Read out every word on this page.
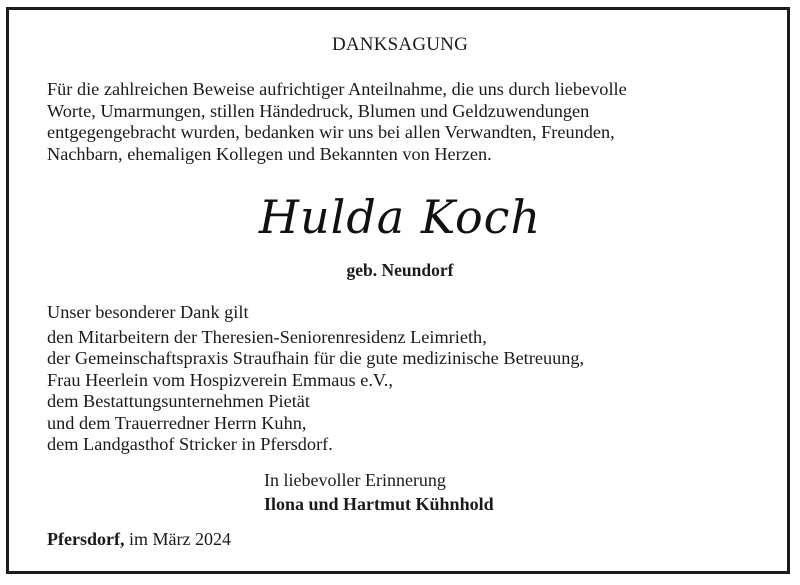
DANKSAGUNG
Für die zahlreichen Beweise aufrichtiger Anteilnahme, die uns durch liebevolle
Worte, Umarmungen, stillen Händedruck, Blumen und Geldzuwendungen
entgegengebracht wurden, bedanken wir uns bei allen Verwandten, Freunden,
Nachbarn, ehemaligen Kollegen und Bekannten von Herzen.
Hulda Koch
geb. Neundorf
Unser besonderer Dank gilt
den Mitarbeitern der Theresien-Seniorenresidenz Leimrieth,
der Gemeinschaftspraxis Straufhain für die gute medizinische Betreuung,
Frau Heerlein vom Hospizverein Emmaus e.V.,
dem Bestattungsunternehmen Pietät
und dem Trauerredner Herrn Kuhn,
dem Landgasthof Stricker in Pfersdorf.
In liebevoller Erinnerung
Ilona und Hartmut Kühnhold
Pfersdorf, im März 2024
